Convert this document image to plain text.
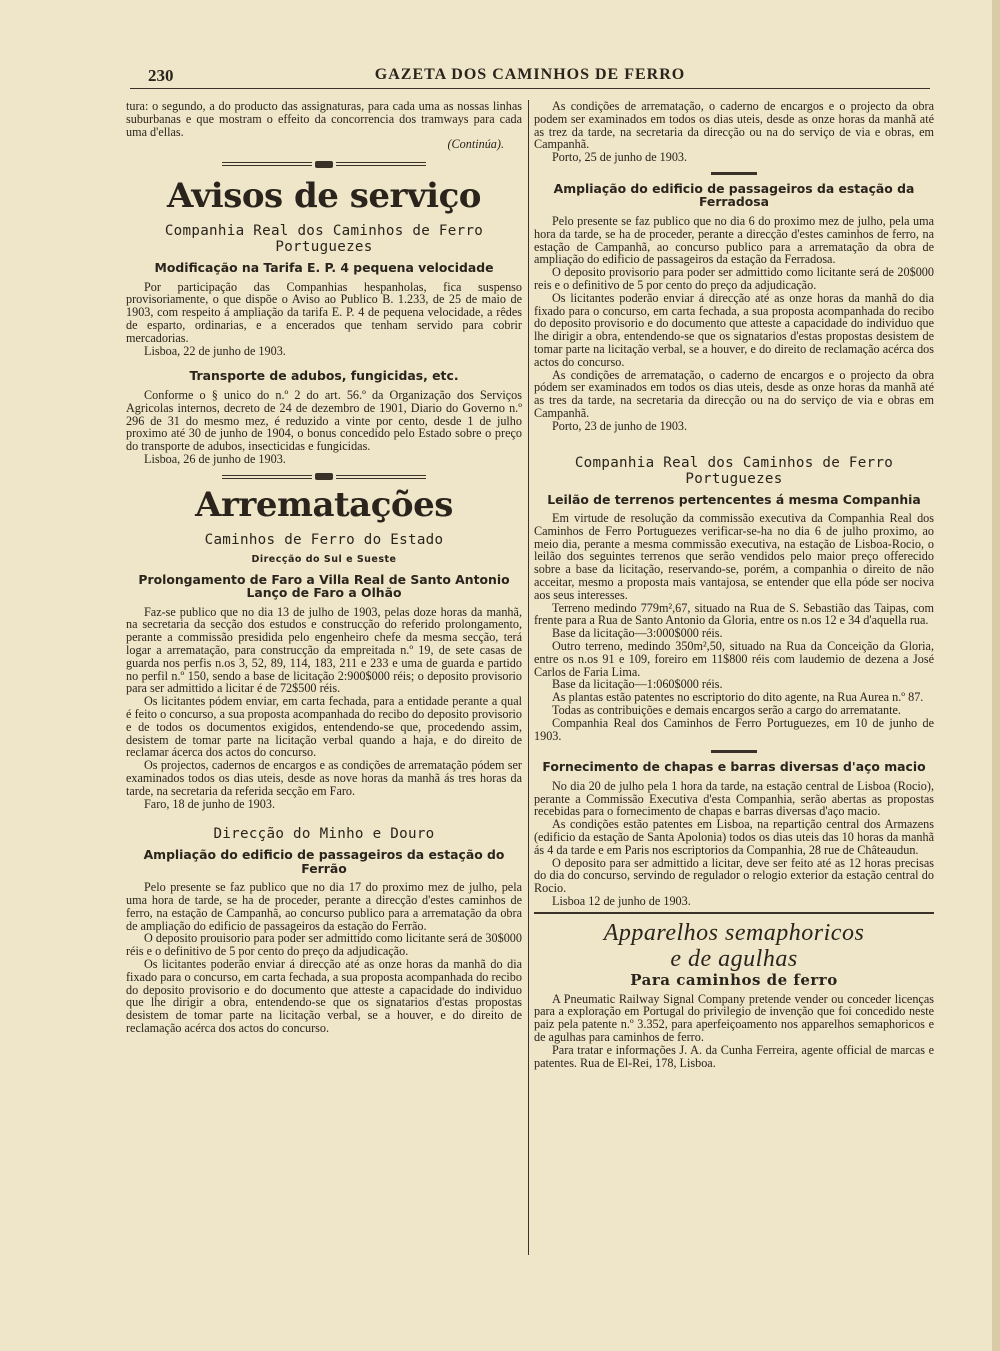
230	GAZETA DOS CAMINHOS DE FERRO

tura: o segundo, a do producto das assignaturas, para cada uma as nossas linhas suburbanas e que mostram o effeito da concorrencia dos tramways para cada uma d'ellas.

(Continúa).
Avisos de serviço
Companhia Real dos Caminhos de Ferro Portuguezes
Modificação na Tarifa E. P. 4 pequena velocidade

Por participação das Companhias hespanholas, fica suspenso provisoriamente, o que dispõe o Aviso ao Publico B. 1.233, de 25 de maio de 1903, com respeito á ampliação da tarifa E. P. 4 de pequena velocidade, a rêdes de esparto, ordinarias, e a encerados que tenham servido para cobrir mercadorias.

Lisboa, 22 de junho de 1903.

Transporte de adubos, fungicidas, etc.

Conforme o § unico do n.º 2 do art. 56.º da Organização dos Serviços Agricolas internos, decreto de 24 de dezembro de 1901, Diario do Governo n.º 296 de 31 do mesmo mez, é reduzido a vinte por cento, desde 1 de julho proximo até 30 de junho de 1904, o bonus concedido pelo Estado sobre o preço do transporte de adubos, insecticidas e fungicidas.

Lisboa, 26 de junho de 1903.

Arrematações
Caminhos de Ferro do Estado
Direcção do Sul e Sueste
Prolongamento de Faro a Villa Real de Santo Antonio Lanço de Faro a Olhão

Faz-se publico que no dia 13 de julho de 1903, pelas doze horas da manhã, na secretaria da secção dos estudos e construcção do referido prolongamento, perante a commissão presidida pelo engenheiro chefe da mesma secção, terá logar a arrematação, para construcção da empreitada n.º 19, de sete casas de guarda nos perfis n.os 3, 52, 89, 114, 183, 211 e 233 e uma de guarda e partido no perfil n.º 150, sendo a base de licitação 2:900$000 réis; o deposito provisorio para ser admittido a licitar é de 72$500 réis.

Os licitantes pódem enviar, em carta fechada, para a entidade perante a qual é feito o concurso, a sua proposta acompanhada do recibo do deposito provisorio e de todos os documentos exigidos, entendendo-se que, procedendo assim, desistem de tomar parte na licitação verbal quando a haja, e do direito de reclamar ácerca dos actos do concurso.

Os projectos, cadernos de encargos e as condições de arrematação pódem ser examinados todos os dias uteis, desde as nove horas da manhã ás tres horas da tarde, na secretaria da referida secção em Faro.

Faro, 18 de junho de 1903.

Direcção do Minho e Douro
Ampliação do edificio de passageiros da estação do Ferrão

Pelo presente se faz publico que no dia 17 do proximo mez de julho, pela uma hora de tarde, se ha de proceder, perante a direcção d'estes caminhos de ferro, na estação de Campanhã, ao concurso publico para a arrematação da obra de ampliação do edificio de passageiros da estação do Ferrão.

O deposito prouisorio para poder ser admittido como licitante será de 30$000 réis e o definitivo de 5 por cento do preço da adjudicação.

Os licitantes poderão enviar á direcção até as onze horas da manhã do dia fixado para o concurso, em carta fechada, a sua proposta acompanhada do recibo do deposito provisorio e do documento que atteste a capacidade do individuo que lhe dirigir a obra, entendendo-se que os signatarios d'estas propostas desistem de tomar parte na licitação verbal, se a houver, e do direito de reclamação acérca dos actos do concurso.

As condições de arrematação, o caderno de encargos e o projecto da obra podem ser examinados em todos os dias uteis, desde as onze horas da manhã até as trez da tarde, na secretaria da direcção ou na do serviço de via e obras, em Campanhã.

Porto, 25 de junho de 1903.

Ampliação do edificio de passageiros da estação da Ferradosa

Pelo presente se faz publico que no dia 6 do proximo mez de julho, pela uma hora da tarde, se ha de proceder, perante a direcção d'estes caminhos de ferro, na estação de Campanhã, ao concurso publico para a arrematação da obra de ampliação do edificio de passageiros da estação da Ferradosa.

O deposito provisorio para poder ser admittido como licitante será de 20$000 reis e o definitivo de 5 por cento do preço da adjudicação.

Os licitantes poderão enviar á direcção até as onze horas da manhã do dia fixado para o concurso, em carta fechada, a sua proposta acompanhada do recibo do deposito provisorio e do documento que atteste a capacidade do individuo que lhe dirigir a obra, entendendo-se que os signatarios d'estas propostas desistem de tomar parte na licitação verbal, se a houver, e do direito de reclamação acérca dos actos do concurso.

As condições de arrematação, o caderno de encargos e o projecto da obra pódem ser examinados em todos os dias uteis, desde as onze horas da manhã até as tres da tarde, na secretaria da direcção ou na do serviço de via e obras em Campanhã.

Porto, 23 de junho de 1903.

Companhia Real dos Caminhos de Ferro Portuguezes
Leilão de terrenos pertencentes á mesma Companhia

Em virtude de resolução da commissão executiva da Companhia Real dos Caminhos de Ferro Portuguezes verificar-se-ha no dia 6 de julho proximo, ao meio dia, perante a mesma commissão executiva, na estação de Lisboa-Rocio, o leilão dos seguintes terrenos que serão vendidos pelo maior preço offerecido sobre a base da licitação, reservando-se, porém, a companhia o direito de não acceitar, mesmo a proposta mais vantajosa, se entender que ella póde ser nociva aos seus interesses.

Terreno medindo 779m²,67, situado na Rua de S. Sebastião das Taipas, com frente para a Rua de Santo Antonio da Gloria, entre os n.os 12 e 34 d'aquella rua.

Base da licitação—3:000$000 réis.

Outro terreno, medindo 350m²,50, situado na Rua da Conceição da Gloria, entre os n.os 91 e 109, foreiro em 11$800 réis com laudemio de dezena a José Carlos de Faria Lima.

Base da licitação—1:060$000 réis.

As plantas estão patentes no escriptorio do dito agente, na Rua Aurea n.º 87.

Todas as contribuições e demais encargos serão a cargo do arrematante.

Companhia Real dos Caminhos de Ferro Portuguezes, em 10 de junho de 1903.

Fornecimento de chapas e barras diversas d'aço macio

No dia 20 de julho pela 1 hora da tarde, na estação central de Lisboa (Rocio), perante a Commissão Executiva d'esta Companhia, serão abertas as propostas recebidas para o fornecimento de chapas e barras diversas d'aço macio.

As condições estão patentes em Lisboa, na repartição central dos Armazens (edificio da estação de Santa Apolonia) todos os dias uteis das 10 horas da manhã ás 4 da tarde e em Paris nos escriptorios da Companhia, 28 rue de Châteaudun.

O deposito para ser admittido a licitar, deve ser feito até as 12 horas precisas do dia do concurso, servindo de regulador o relogio exterior da estação central do Rocio.

Lisboa 12 de junho de 1903.

Apparelhos semaphoricos
e de agulhas
Para caminhos de ferro

A Pneumatic Railway Signal Company pretende vender ou conceder licenças para a exploração em Portugal do privilegio de invenção que foi concedido neste paiz pela patente n.º 3.352, para aperfeiçoamento nos apparelhos semaphoricos e de agulhas para caminhos de ferro.

Para tratar e informações J. A. da Cunha Ferreira, agente official de marcas e patentes. Rua de El-Rei, 178, Lisboa.
